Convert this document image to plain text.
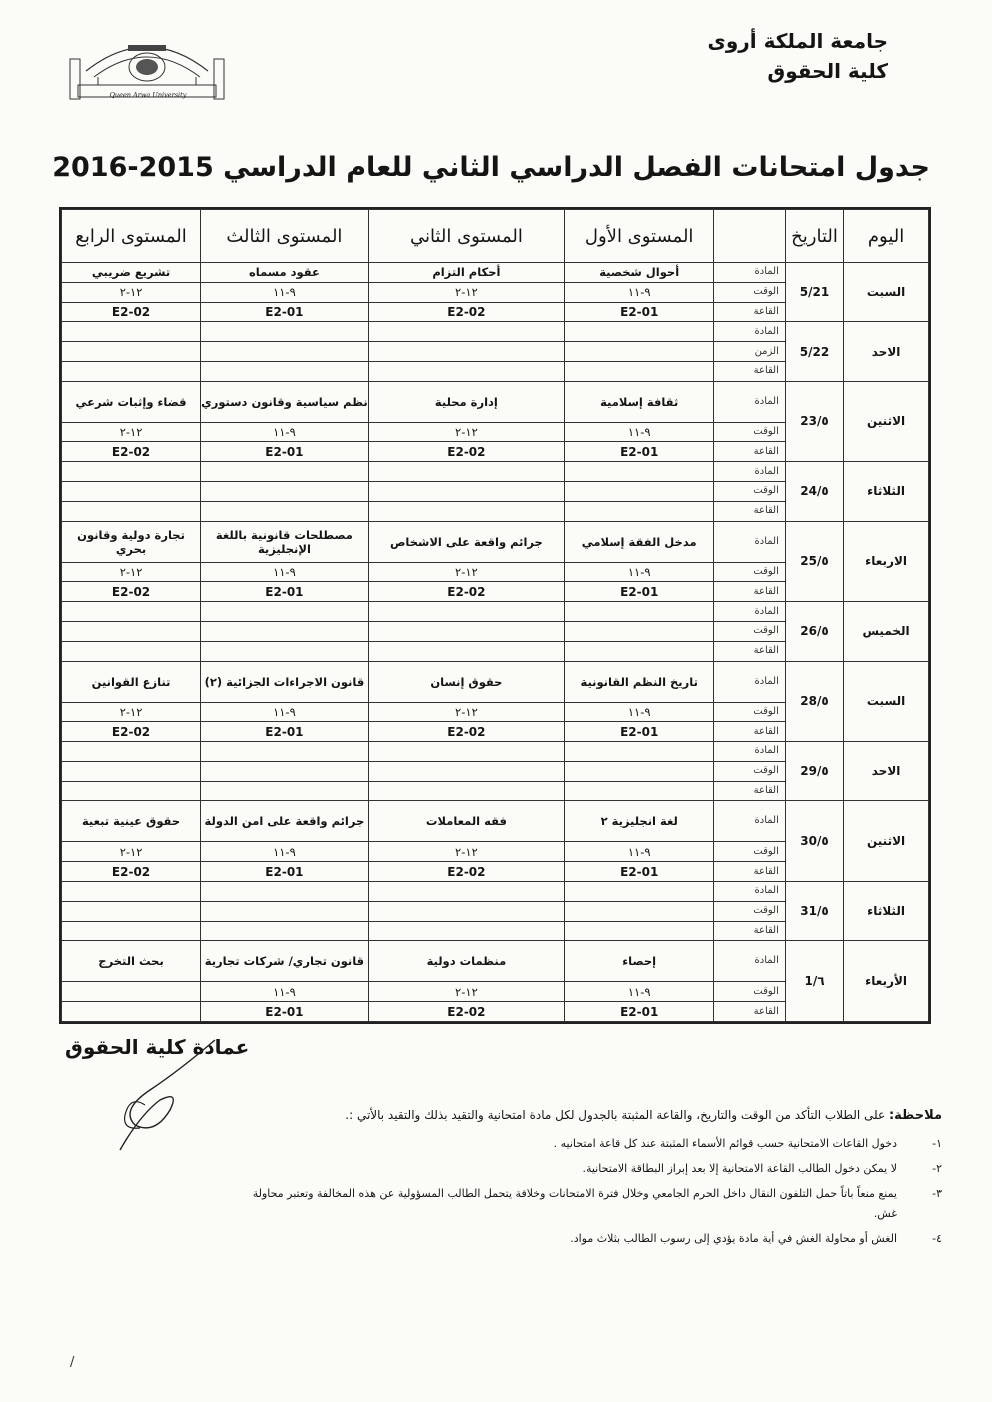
جامعة الملكة أروى
كلية الحقوق
Queen Arwa University
جدول امتحانات الفصل الدراسي الثاني للعام الدراسي 2015-2016
اليوم	التاريخ		المستوى الأول	المستوى الثاني	المستوى الثالث	المستوى الرابع
السبت	5/21	المادة	أحوال شخصية	أحكام التزام	عقود مسماه	تشريع ضريبي
		الوقت	٩-١١	١٢-٢	٩-١١	١٢-٢
		القاعة	E2-01	E2-02	E2-01	E2-02
الاحد	5/22	المادة				
		الزمن				
		القاعة				
الاثنين	٥/23	المادة	ثقافة إسلامية	إدارة محلية	نظم سياسية وقانون دستوري	قضاء وإثبات شرعي
		الوقت	٩-١١	١٢-٢	٩-١١	١٢-٢
		القاعة	E2-01	E2-02	E2-01	E2-02
الثلاثاء	٥/24	المادة				
		الوقت				
		القاعة				
الاربعاء	٥/25	المادة	مدخل الفقة إسلامي	جرائم واقعة على الاشخاص	مصطلحات قانونية باللغة الإنجليزية	تجارة دولية وقانون بحري
		الوقت	٩-١١	١٢-٢	٩-١١	١٢-٢
		القاعة	E2-01	E2-02	E2-01	E2-02
الخميس	٥/26	المادة				
		الوقت				
		القاعة				
السبت	٥/28	المادة	تاريخ النظم القانونية	حقوق إنسان	قانون الاجراءات الجزائية (٢)	تنازع القوانين
		الوقت	٩-١١	١٢-٢	٩-١١	١٢-٢
		القاعة	E2-01	E2-02	E2-01	E2-02
الاحد	٥/29	المادة				
		الوقت				
		القاعة				
الاثنين	٥/30	المادة	لغة انجليزية ٢	فقه المعاملات	جرائم واقعة على امن الدولة	حقوق عينية تبعية
		الوقت	٩-١١	١٢-٢	٩-١١	١٢-٢
		القاعة	E2-01	E2-02	E2-01	E2-02
الثلاثاء	٥/31	المادة				
		الوقت				
		القاعة				
الأربعاء	٦/1	المادة	إحصاء	منظمات دولية	قانون تجاري/ شركات تجارية	بحث التخرج
		الوقت	٩-١١	١٢-٢	٩-١١	
		القاعة	E2-01	E2-02	E2-01	
عمادة كلية الحقوق
ملاحظة: على الطلاب التأكد من الوقت والتاريخ، والقاعة المثبتة بالجدول لكل مادة امتحانية والتقيد بذلك والتقيد بالأتي :.
١-
دخول القاعات الامتحانية حسب قوائم الأسماء المثبتة عند كل قاعة امتحانيه .
٢-
لا يمكن دخول الطالب القاعة الامتحانية إلا بعد إبراز البطاقة الامتحانية.
٣-
يمنع منعاً باتاً حمل التلفون النقال داخل الحرم الجامعي وخلال فترة الامتحانات وخلافة يتحمل الطالب المسؤولية عن هذه المخالفة وتعتبر محاولة غش.
٤-
الغش أو محاولة الغش في أية مادة يؤدي إلى رسوب الطالب بثلاث مواد.
/
